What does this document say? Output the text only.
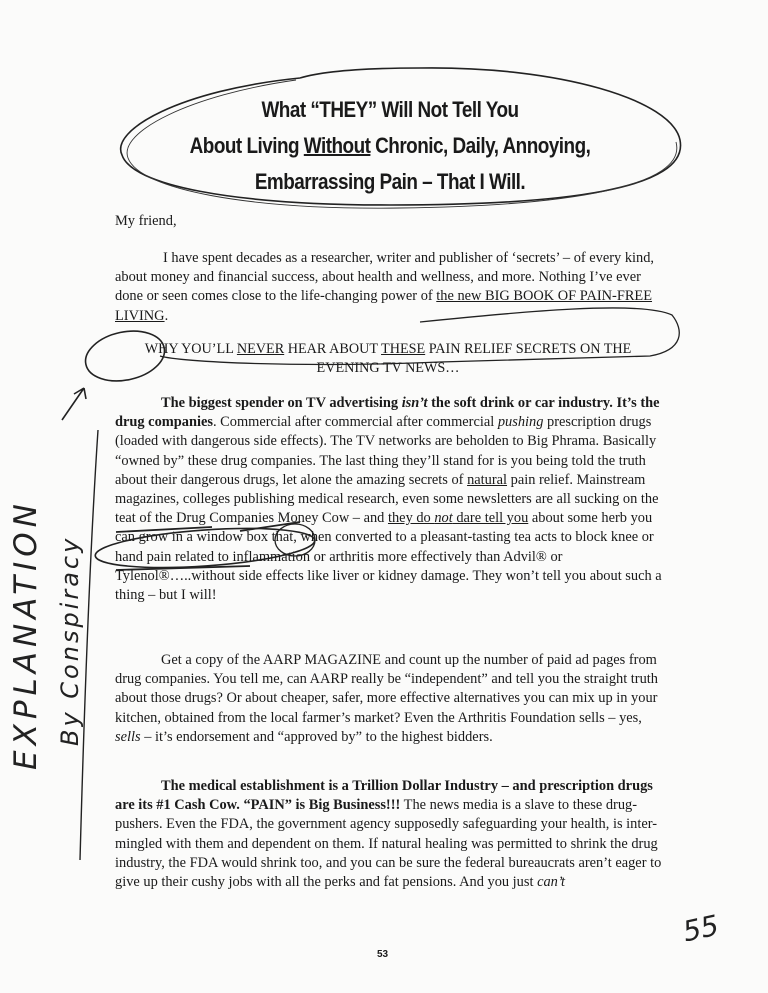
What “THEY” Will Not Tell You
About Living Without Chronic, Daily, Annoying,
Embarrassing Pain – That I Will.
My friend,
I have spent decades as a researcher, writer and publisher of ‘secrets’ – of every kind, about money and financial success, about health and wellness, and more. Nothing I’ve ever done or seen comes close to the life-changing power of the new BIG BOOK OF PAIN-FREE LIVING.
WHY YOU’LL NEVER HEAR ABOUT THESE PAIN RELIEF SECRETS ON THE EVENING TV NEWS…
The biggest spender on TV advertising isn’t the soft drink or car industry. It’s the drug companies. Commercial after commercial after commercial pushing prescription drugs (loaded with dangerous side effects). The TV networks are beholden to Big Phrama. Basically “owned by” these drug companies. The last thing they’ll stand for is you being told the truth about their dangerous drugs, let alone the amazing secrets of natural pain relief. Mainstream magazines, colleges publishing medical research, even some newsletters are all sucking on the teat of the Drug Companies Money Cow – and they do not dare tell you about some herb you can grow in a window box that, when converted to a pleasant-tasting tea acts to block knee or hand pain related to inflammation or arthritis more effectively than Advil® or Tylenol®…..without side effects like liver or kidney damage. They won’t tell you about such a thing – but I will!
Get a copy of the AARP MAGAZINE and count up the number of paid ad pages from drug companies. You tell me, can AARP really be “independent” and tell you the straight truth about those drugs? Or about cheaper, safer, more effective alternatives you can mix up in your kitchen, obtained from the local farmer’s market? Even the Arthritis Foundation sells – yes, sells – it’s endorsement and “approved by” to the highest bidders.
The medical establishment is a Trillion Dollar Industry – and prescription drugs are its #1 Cash Cow. “PAIN” is Big Business!!! The news media is a slave to these drug-pushers. Even the FDA, the government agency supposedly safeguarding your health, is inter-mingled with them and dependent on them. If natural healing was permitted to shrink the drug industry, the FDA would shrink too, and you can be sure the federal bureaucrats aren’t eager to give up their cushy jobs with all the perks and fat pensions. And you just can’t
53
EXPLANATION By Conspiracy
55
